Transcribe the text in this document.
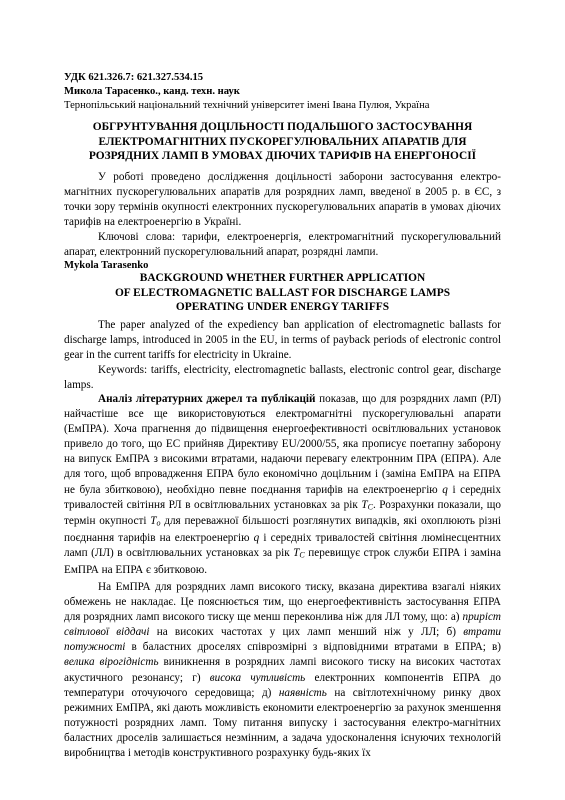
УДК 621.326.7: 621.327.534.15

Микола Тарасенко., канд. техн. наук

Тернопільський національний технічний університет імені Івана Пулюя, Україна

ОБГРУНТУВАННЯ ДОЦІЛЬНОСТІ ПОДАЛЬШОГО ЗАСТОСУВАННЯ

ЕЛЕКТРОМАГНІТНИХ ПУСКОРЕГУЛЮВАЛЬНИХ АПАРАТІВ ДЛЯ

РОЗРЯДНИХ ЛАМП В УМОВАХ ДІЮЧИХ ТАРИФІВ НА ЕНЕРГОНОСІЇ

У роботі проведено дослідження доцільності заборони застосування електро-магнітних пускорегулювальних апаратів для розрядних ламп, введеної в 2005 р. в ЄС, з точки зору термінів окупності електронних пускорегулювальних апаратів в умовах діючих тарифів на електроенергію в Україні.

Ключові слова: тарифи, електроенергія, електромагнітний пускорегулювальний апарат, електронний пускорегулювальний апарат, розрядні лампи.

Mykola Tarasenko

BACKGROUND WHETHER FURTHER APPLICATION

OF ELECTROMAGNETIC BALLAST FOR DISCHARGE LAMPS

OPERATING UNDER ENERGY TARIFFS

The paper analyzed of the expediency ban application of electromagnetic ballasts for discharge lamps, introduced in 2005 in the EU, in terms of payback periods of electronic control gear in the current tariffs for electricity in Ukraine.

Keywords: tariffs, electricity, electromagnetic ballasts, electronic control gear, discharge lamps.

Аналіз літературних джерел та публікацій показав, що для розрядних ламп (РЛ) найчастіше все ще використовуються електромагнітні пускорегулювальні апарати (ЕмПРА). Хоча прагнення до підвищення енергоефективності освітлювальних установок привело до того, що ЕС прийняв Директиву EU/2000/55, яка прописує поетапну заборону на випуск ЕмПРА з високими втратами, надаючи перевагу електронним ПРА (ЕПРА). Але для того, щоб впровадження ЕПРА було економічно доцільним і (заміна ЕмПРА на ЕПРА не була збитковою), необхідно певне поєднання тарифів на електроенергію q і середніх тривалостей світіння РЛ в освітлювальних установках за рік $T_C$. Розрахунки показали, що термін окупності $T_o$ для переважної більшості розглянутих випадків, які охоплюють різні поєднання тарифів на електроенергію q і середніх тривалостей світіння люмінесцентних ламп (ЛЛ) в освітлювальних установках за рік $T_C$ перевищує строк служби ЕПРА і заміна ЕмПРА на ЕПРА є збитковою.

На ЕмПРА для розрядних ламп високого тиску, вказана директива взагалі ніяких обмежень не накладає. Це пояснюється тим, що енергоефективність застосування ЕПРА для розрядних ламп високого тиску ще менш переконлива ніж для ЛЛ тому, що: а) приріст світлової віддачі на високих частотах у цих ламп менший ніж у ЛЛ; б) втрати потужності в баластних дроселях співрозмірні з відповідними втратами в ЕПРА; в) велика вірогідність виникнення в розрядних лампі високого тиску на високих частотах акустичного резонансу; г) висока чутливість електронних компонентів ЕПРА до температури оточуючого середовища; д) наявність на світлотехнічному ринку двох режимних ЕмПРА, які дають можливість економити електроенергію за рахунок зменшення потужності розрядних ламп. Тому питання випуску і застосування електро-магнітних баластних дроселів залишається незмінним, а задача удосконалення існуючих технологій виробництва і методів конструктивного розрахунку будь-яких їх
